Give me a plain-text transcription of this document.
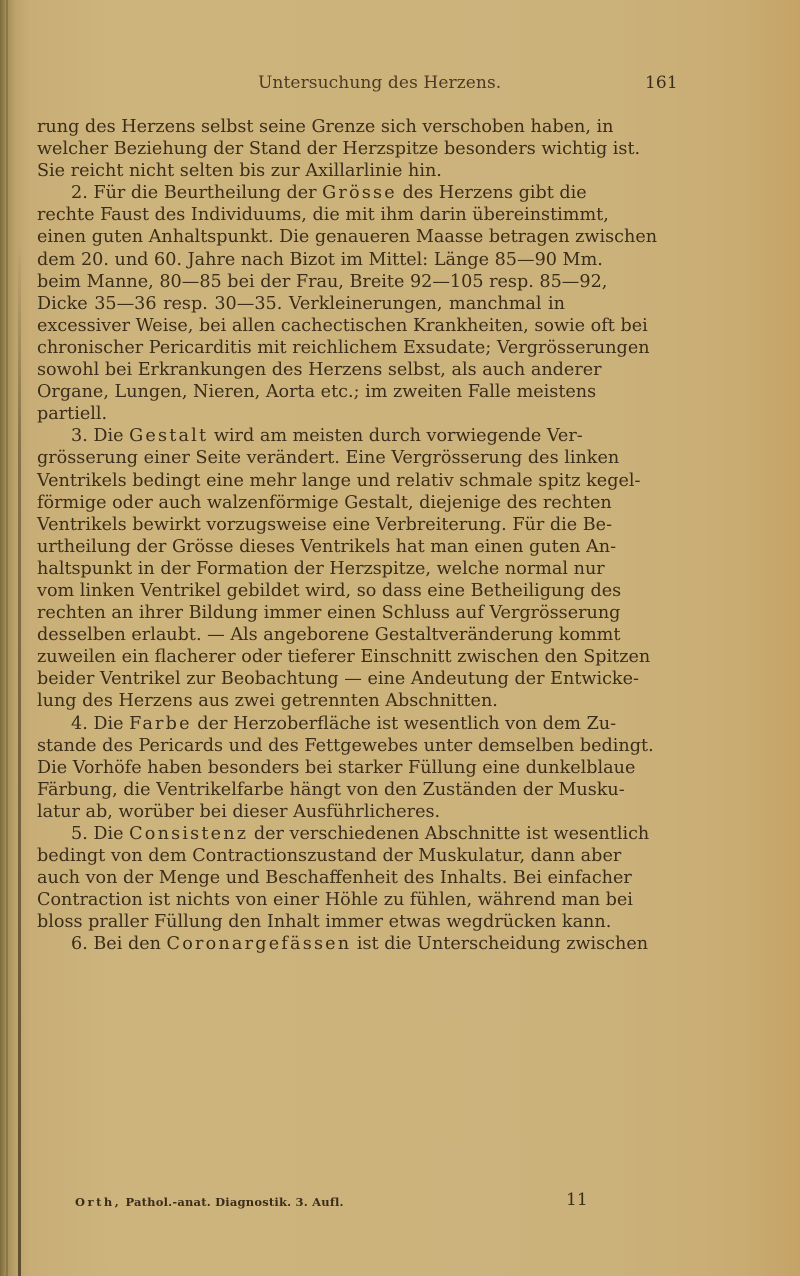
Untersuchung des Herzens.	161
rung des Herzens selbst seine Grenze sich verschoben haben, in
welcher Beziehung der Stand der Herzspitze besonders wichtig ist.
Sie reicht nicht selten bis zur Axillarlinie hin.
2. Für die Beurtheilung der Grösse des Herzens gibt die
rechte Faust des Individuums, die mit ihm darin übereinstimmt,
einen guten Anhaltspunkt. Die genaueren Maasse betragen zwischen
dem 20. und 60. Jahre nach Bizot im Mittel: Länge 85—90 Mm.
beim Manne, 80—85 bei der Frau, Breite 92—105 resp. 85—92,
Dicke 35—36 resp. 30—35. Verkleinerungen, manchmal in
excessiver Weise, bei allen cachectischen Krankheiten, sowie oft bei
chronischer Pericarditis mit reichlichem Exsudate; Vergrösserungen
sowohl bei Erkrankungen des Herzens selbst, als auch anderer
Organe, Lungen, Nieren, Aorta etc.; im zweiten Falle meistens
partiell.
3. Die Gestalt wird am meisten durch vorwiegende Ver-
grösserung einer Seite verändert. Eine Vergrösserung des linken
Ventrikels bedingt eine mehr lange und relativ schmale spitz kegel-
förmige oder auch walzenförmige Gestalt, diejenige des rechten
Ventrikels bewirkt vorzugsweise eine Verbreiterung. Für die Be-
urtheilung der Grösse dieses Ventrikels hat man einen guten An-
haltspunkt in der Formation der Herzspitze, welche normal nur
vom linken Ventrikel gebildet wird, so dass eine Betheiligung des
rechten an ihrer Bildung immer einen Schluss auf Vergrösserung
desselben erlaubt. — Als angeborene Gestaltveränderung kommt
zuweilen ein flacherer oder tieferer Einschnitt zwischen den Spitzen
beider Ventrikel zur Beobachtung — eine Andeutung der Entwicke-
lung des Herzens aus zwei getrennten Abschnitten.
4. Die Farbe der Herzoberfläche ist wesentlich von dem Zu-
stande des Pericards und des Fettgewebes unter demselben bedingt.
Die Vorhöfe haben besonders bei starker Füllung eine dunkelblaue
Färbung, die Ventrikelfarbe hängt von den Zuständen der Musku-
latur ab, worüber bei dieser Ausführlicheres.
5. Die Consistenz der verschiedenen Abschnitte ist wesentlich
bedingt von dem Contractionszustand der Muskulatur, dann aber
auch von der Menge und Beschaffenheit des Inhalts. Bei einfacher
Contraction ist nichts von einer Höhle zu fühlen, während man bei
bloss praller Füllung den Inhalt immer etwas wegdrücken kann.
6. Bei den Coronargefässen ist die Unterscheidung zwischen
Orth, Pathol.-anat. Diagnostik. 3. Aufl.	11
